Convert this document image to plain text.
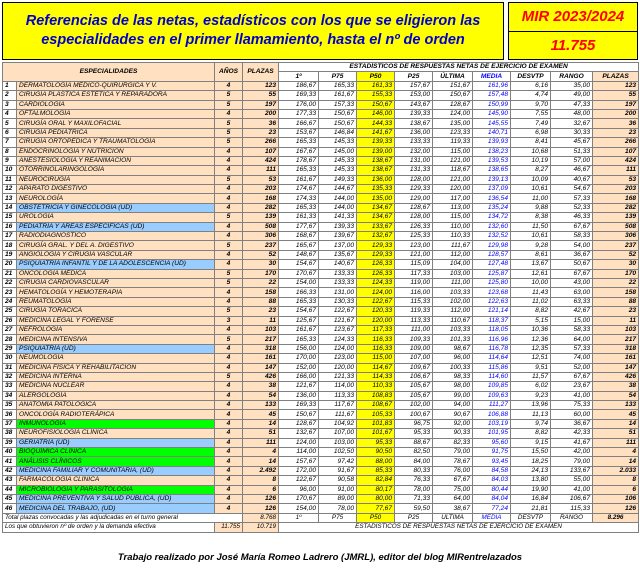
Referencias de las netas, estadísticos con los que se eligieron las especialidades en el primer llamamiento, hasta el nº de orden
MIR 2023/2024
11.755
ESPECIALIDADES		AÑOS	PLAZAS	ESTADÍSTICOS DE RESPUESTAS NETAS DE EJERCICIO DE EXAMEN								
				1º	P75	P50	P25	ÚLTIMA	MEDIA	DESVTP	RANGO	PLAZAS
1	DERMATOLOGÍA MÉDICO-QUIRÚRGICA Y V.	4	123	186,67	165,33	161,33	157,67	151,67	161,96	6,16	35,00	123
2	CIRUGÍA PLÁSTICA ESTÉTICA Y REPARADORA	5	55	169,33	161,67	155,33	153,00	150,67	157,48	4,74	49,00	55
3	CARDIOLOGÍA	5	197	176,00	157,33	150,67	143,67	128,67	150,99	9,70	47,33	197
4	OFTALMOLOGÍA	4	200	177,33	150,67	146,00	139,33	124,00	145,90	7,55	48,00	200
5	CIRUGÍA ORAL Y MAXILOFACIAL	5	36	166,67	150,67	144,33	138,67	135,00	145,55	7,49	32,67	36
6	CIRUGÍA PEDIÁTRICA	5	23	153,67	146,84	141,67	136,00	123,33	140,71	6,98	30,33	23
7	CIRUGÍA ORTOPÉDICA Y TRAUMATOLOGÍA	5	266	165,33	145,33	139,33	133,33	119,33	139,93	8,41	45,67	266
8	ENDOCRINOLOGÍA Y NUTRICIÓN	4	107	167,67	145,00	139,00	132,00	115,00	138,23	10,68	51,33	107
9	ANESTESIOLOGÍA Y REANIMACIÓN	4	424	178,67	145,33	138,67	131,00	121,00	139,53	10,19	57,00	424
10	OTORRINOLARINGOLOGÍA	4	111	165,33	145,33	138,67	131,33	118,67	138,65	8,27	46,67	111
11	NEUROCIRUGÍA	5	53	161,67	149,33	136,00	128,00	121,00	139,13	10,09	40,67	53
12	APARATO DIGESTIVO	4	203	174,67	144,67	135,33	129,33	120,00	137,09	10,61	54,67	203
13	NEUROLOGÍA	4	168	174,33	144,00	135,00	129,00	117,00	136,54	11,00	57,33	168
14	OBSTETRICIA Y GINECOLOGÍA (UD)	4	282	165,33	144,00	134,67	128,67	113,00	135,24	9,88	52,33	282
15	UROLOGÍA	5	139	161,33	141,33	134,67	128,00	115,00	134,72	8,38	46,33	139
16	PEDIATRÍA Y ÁREAS ESPECÍFICAS (UD)	4	508	177,67	139,33	133,67	126,33	110,00	132,60	11,50	67,67	508
17	RADIODIAGNÓSTICO	4	306	168,67	139,67	132,67	125,33	110,33	132,52	10,61	58,33	306
18	CIRUGÍA GRAL. Y DEL A. DIGESTIVO	5	237	165,67	137,00	129,33	123,00	111,67	129,98	9,28	54,00	237
19	ANGIOLOGÍA Y CIRUGÍA VASCULAR	4	52	148,67	135,67	129,33	121,00	112,00	128,57	8,61	36,67	52
20	PSIQUIATRÍA INFANTIL Y DE LA ADOLESCENCIA (UD)	4	30	154,67	140,67	126,33	115,09	104,00	127,48	13,67	50,67	30
21	ONCOLOGÍA MÉDICA	5	170	170,67	133,33	126,33	117,33	103,00	125,87	12,61	67,67	170
22	CIRUGÍA CARDIOVASCULAR	5	22	154,00	133,33	124,33	119,00	111,00	125,80	10,00	43,00	22
23	HEMATOLOGÍA Y HEMOTERAPIA	4	158	166,33	131,00	124,00	116,00	103,33	123,68	11,43	63,00	158
24	REUMATOLOGÍA	4	88	165,33	130,33	122,67	115,33	102,00	122,63	11,02	63,33	88
25	CIRUGÍA TORÁCICA	5	23	154,67	122,67	120,33	119,33	112,00	121,14	8,82	42,67	23
26	MEDICINA LEGAL Y FORENSE	3	11	125,67	121,67	120,00	113,33	110,67	118,37	5,15	15,00	11
27	NEFROLOGÍA	4	103	161,67	123,67	117,33	111,00	103,33	118,05	10,36	58,33	103
28	MEDICINA INTENSIVA	5	217	165,33	124,33	116,33	109,33	101,33	116,96	12,36	64,00	217
29	PSIQUIATRÍA (UD)	4	318	156,00	124,00	116,33	109,00	98,67	116,78	12,35	57,33	318
30	NEUMOLOGÍA	4	161	170,00	123,00	115,00	107,00	96,00	114,64	12,51	74,00	161
31	MEDICINA FÍSICA Y REHABILITACIÓN	4	147	152,00	120,00	114,67	109,67	100,33	115,86	9,51	52,00	147
32	MEDICINA INTERNA	5	426	166,00	121,33	114,33	106,67	98,33	114,60	11,57	67,67	426
33	MEDICINA NUCLEAR	4	38	121,67	114,00	110,33	105,67	98,00	109,85	6,02	23,67	38
34	ALERGOLOGÍA	4	54	136,00	113,33	108,83	105,67	99,00	109,63	9,23	41,00	54
35	ANATOMÍA PATOLÓGICA	4	133	169,33	117,67	108,67	102,00	94,00	111,27	13,96	75,33	133
36	ONCOLOGÍA RADIOTERÁPICA	4	45	150,67	111,67	105,33	100,67	90,67	106,88	11,13	60,00	45
37	INMUNOLOGÍA	4	14	128,67	104,92	101,83	96,75	92,00	103,19	9,74	36,67	14
38	NEUROFISIOLOGÍA CLÍNICA	4	51	132,67	107,00	101,67	95,33	90,33	101,95	8,82	42,33	51
39	GERIATRÍA (UD)	4	111	124,00	103,00	95,33	88,67	82,33	95,60	9,15	41,67	111
40	BIOQUÍMICA CLÍNICA	4	4	114,00	102,50	90,50	82,50	79,00	91,75	15,50	42,00	4
41	ANÁLISIS CLÍNICOS	4	14	157,67	97,42	88,00	84,00	78,67	93,45	18,25	79,00	14
42	MEDICINA FAMILIAR Y COMUNITARIA, (UD)	4	2.492	172,00	91,67	85,33	80,33	76,00	84,58	24,13	133,67	2.033
43	FARMACOLOGÍA CLÍNICA	4	8	122,67	90,58	82,84	76,33	67,67	84,03	13,80	55,00	8
44	MICROBIOLOGÍA Y PARASITOLOGÍA	4	6	96,00	91,00	80,17	78,00	75,00	80,44	19,90	41,00	6
45	MEDICINA PREVENTIVA Y SALUD PÚBLICA, (UD)	4	126	170,67	89,00	80,00	71,33	64,00	84,04	16,84	106,67	106
46	MEDICINA DEL TRABAJO, (UD)	4	126	154,00	78,00	77,67	59,50	38,67	77,24	21,81	115,33	126
Total plazas convocadas y las adjudicadas en el turno general			8.768	1º	P75	P50	P25	ÚLTIMA	MEDIA	DESVTP	RANGO	8.296
Los que obtuvieron nº de orden y la demanda efectiva		11.755	10.719	ESTADÍSTICOS DE RESPUESTAS NETAS DE EJERCICIO DE EXAMEN								
Trabajo realizado por José María Romeo Ladrero (JMRL), editor del blog MIRentrelazados
